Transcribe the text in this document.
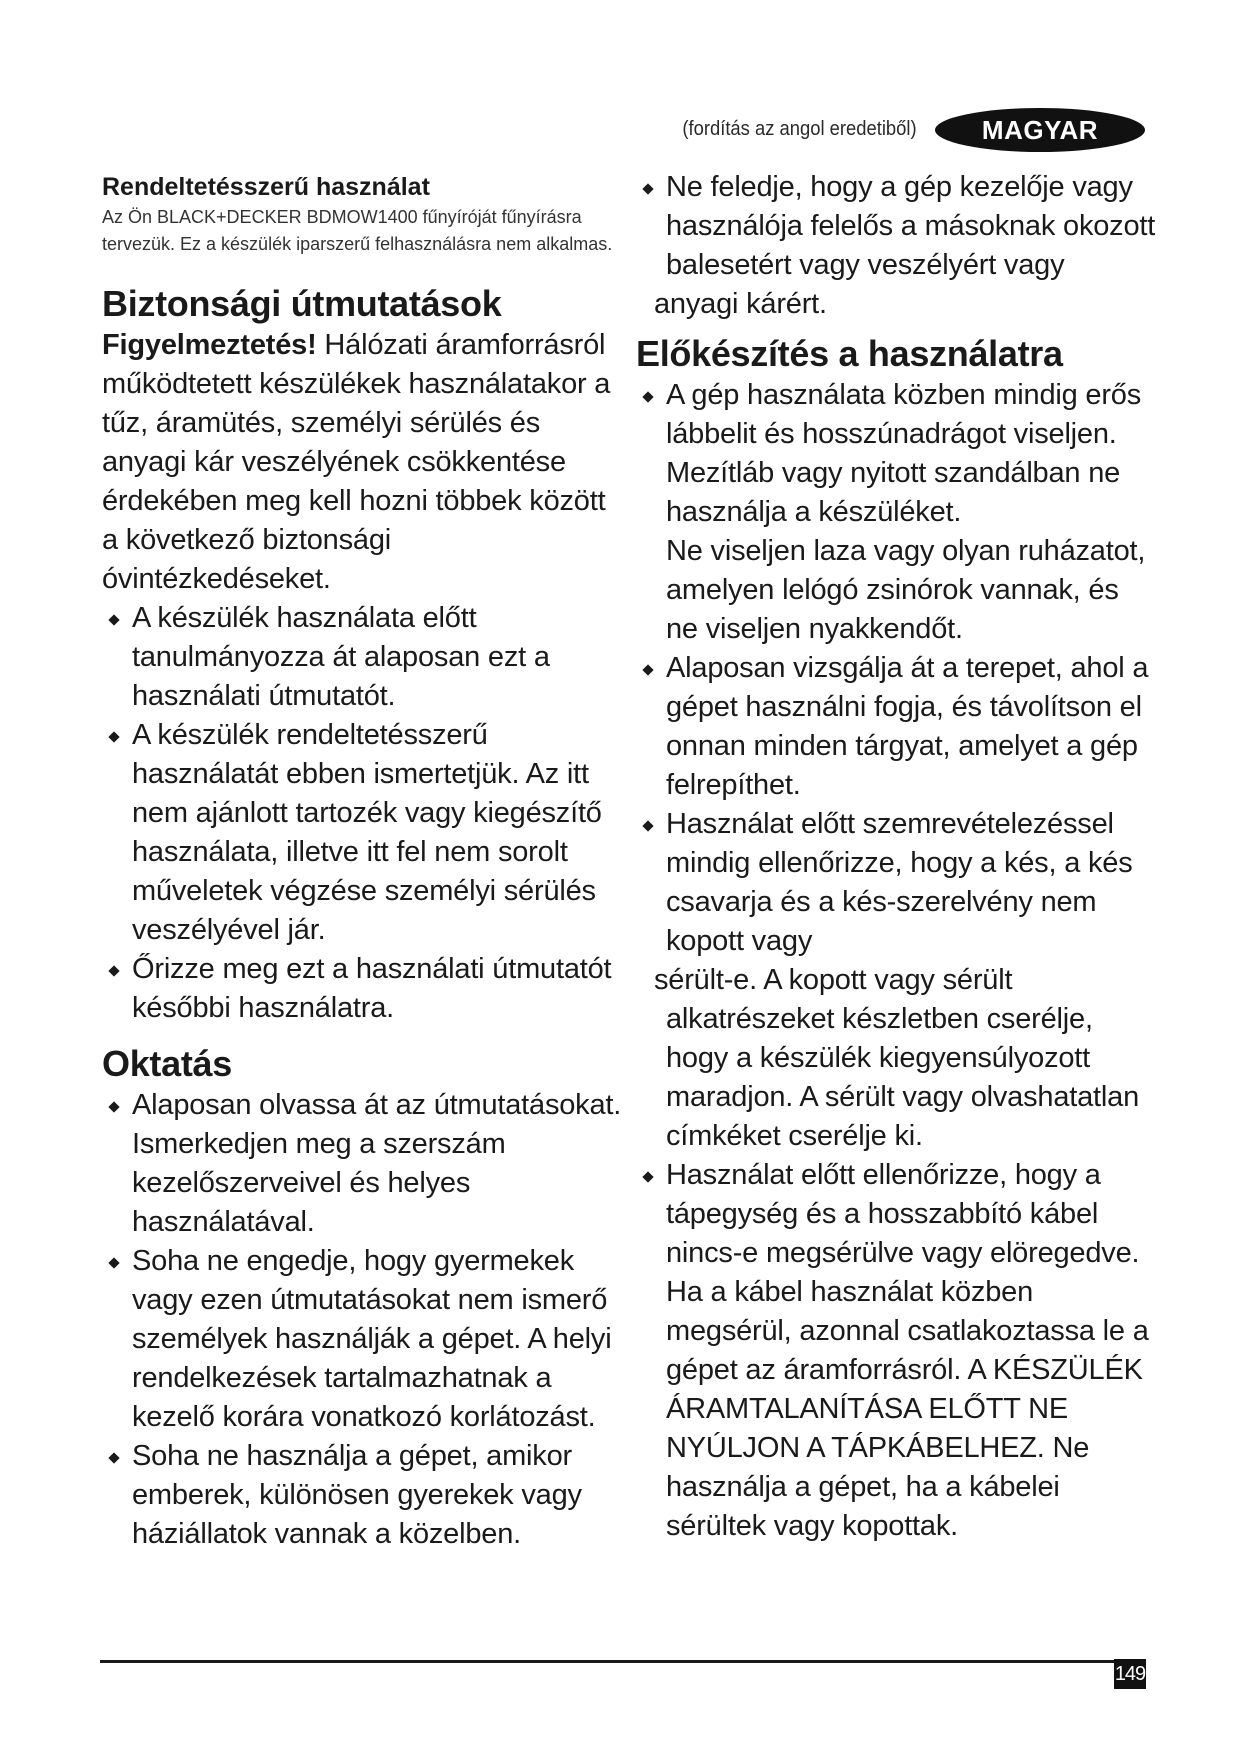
(fordítás az angol eredetiből)	MAGYAR
Rendeltetésszerű használat
Az Ön BLACK+DECKER BDMOW1400 fűnyíróját fűnyírásra tervezük. Ez a készülék iparszerű felhasználásra nem alkalmas.
Biztonsági útmutatások
Figyelmeztetés! Hálózati áramforrásról működtetett készülékek használatakor a tűz, áramütés, személyi sérülés és anyagi kár veszélyének csökkentése érdekében meg kell hozni többek között a következő biztonsági óvintézkedéseket.
A készülék használata előtt tanulmányozza át alaposan ezt a használati útmutatót.
A készülék rendeltetésszerű használatát ebben ismertetjük. Az itt nem ajánlott tartozék vagy kiegészítő használata, illetve itt fel nem sorolt műveletek végzése személyi sérülés veszélyével jár.
Őrizze meg ezt a használati útmutatót későbbi használatra.
Oktatás
Alaposan olvassa át az útmutatásokat. Ismerkedjen meg a szerszám kezelőszerveivel és helyes használatával.
Soha ne engedje, hogy gyermekek vagy ezen útmutatásokat nem ismerő személyek használják a gépet. A helyi rendelkezések tartalmazhatnak a kezelő korára vonatkozó korlátozást.
Soha ne használja a gépet, amikor emberek, különösen gyerekek vagy háziállatok vannak a közelben.
Ne feledje, hogy a gép kezelője vagy használója felelős a másoknak okozott balesetért vagy veszélyért vagy
anyagi kárért.
Előkészítés a használatra
A gép használata közben mindig erős lábbelit és hosszúnadrágot viseljen. Mezítláb vagy nyitott szandálban ne használja a készüléket.
Ne viseljen laza vagy olyan ruházatot, amelyen lelógó zsinórok vannak, és ne viseljen nyakkendőt.
Alaposan vizsgálja át a terepet, ahol a gépet használni fogja, és távolítson el onnan minden tárgyat, amelyet a gép felrepíthet.
Használat előtt szemrevételezéssel mindig ellenőrizze, hogy a kés, a kés csavarja és a kés-szerelvény nem kopott vagy
sérült-e. A kopott vagy sérült
alkatrészeket készletben cserélje, hogy a készülék kiegyensúlyozott maradjon. A sérült vagy olvashatatlan címkéket cserélje ki.
Használat előtt ellenőrizze, hogy a tápegység és a hosszabbító kábel nincs-e megsérülve vagy elöregedve. Ha a kábel használat közben megsérül, azonnal csatlakoztassa le a gépet az áramforrásról. A KÉSZÜLÉK ÁRAMTALANÍTÁSA ELŐTT NE NYÚLJON A TÁPKÁBELHEZ. Ne használja a gépet, ha a kábelei sérültek vagy kopottak.
149
